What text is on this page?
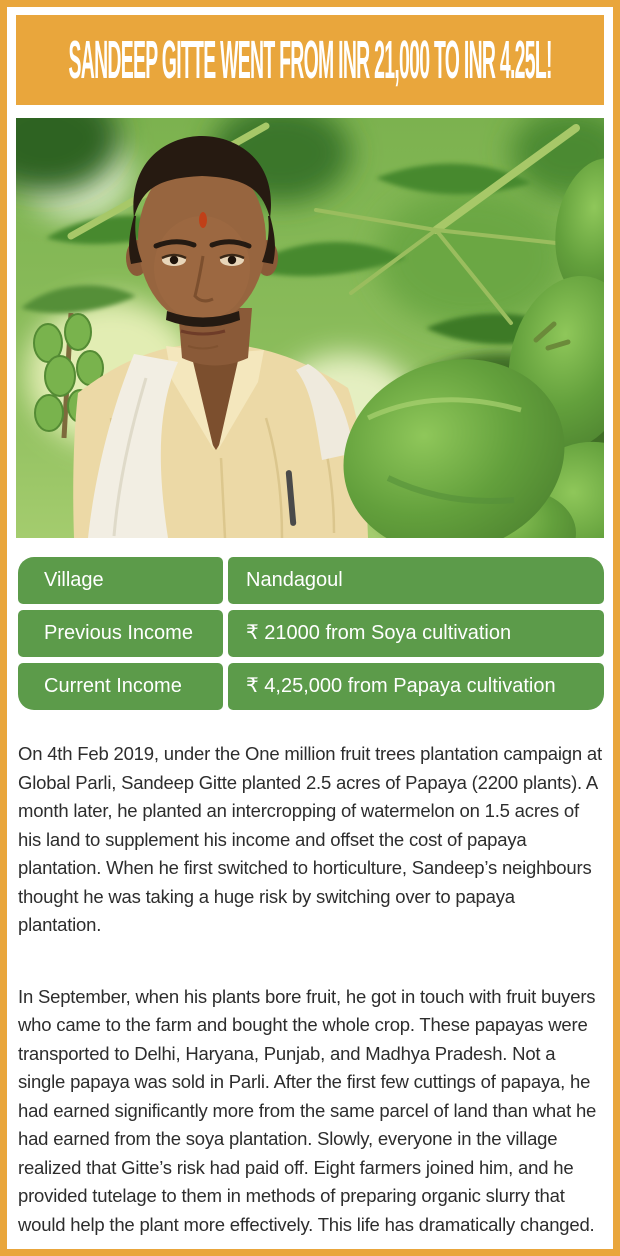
SANDEEP GITTE WENT FROM INR 21,000 TO INR 4.25L!
Village	Nandagoul
Previous Income	₹ 21000 from Soya cultivation
Current Income	₹ 4,25,000 from Papaya cultivation

On 4th Feb 2019, under the One million fruit trees plantation campaign at Global Parli, Sandeep Gitte planted 2.5 acres of Papaya (2200 plants). A month later, he planted an intercropping of watermelon on 1.5 acres of his land to supplement his income and offset the cost of papaya plantation. When he first switched to horticulture, Sandeep’s neighbours thought he was taking a huge risk by switching over to papaya plantation.

In September, when his plants bore fruit, he got in touch with fruit buyers who came to the farm and bought the whole crop. These papayas were transported to Delhi, Haryana, Punjab, and Madhya Pradesh. Not a single papaya was sold in Parli. After the first few cuttings of papaya, he had earned significantly more from the same parcel of land than what he had earned from the soya plantation. Slowly, everyone in the village realized that Gitte’s risk had paid off. Eight farmers joined him, and he provided tutelage to them in methods of preparing organic slurry that would help the plant more effectively. This life has dramatically changed.
